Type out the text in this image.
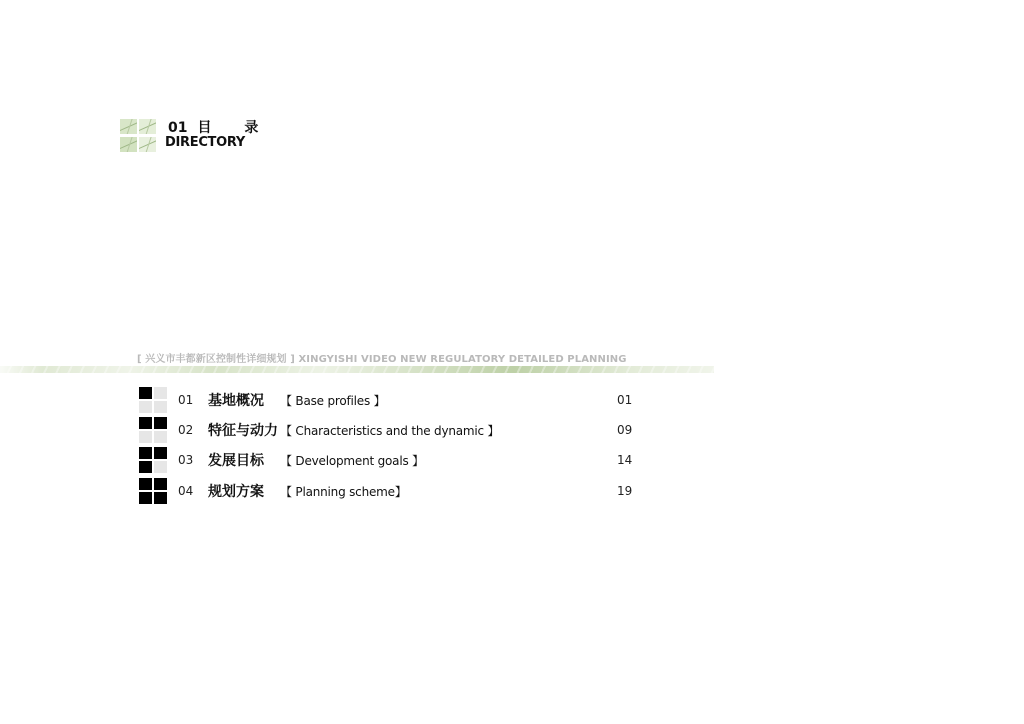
01 目 录
DIRECTORY
[ 兴义市丰都新区控制性详细规划 ] XINGYISHI VIDEO NEW REGULATORY DETAILED PLANNING
01 基地概况 【 Base profiles 】	01
02 特征与动力 【 Characteristics and the dynamic 】	09
03 发展目标 【 Development goals 】	14
04 规划方案 【 Planning scheme】	19
